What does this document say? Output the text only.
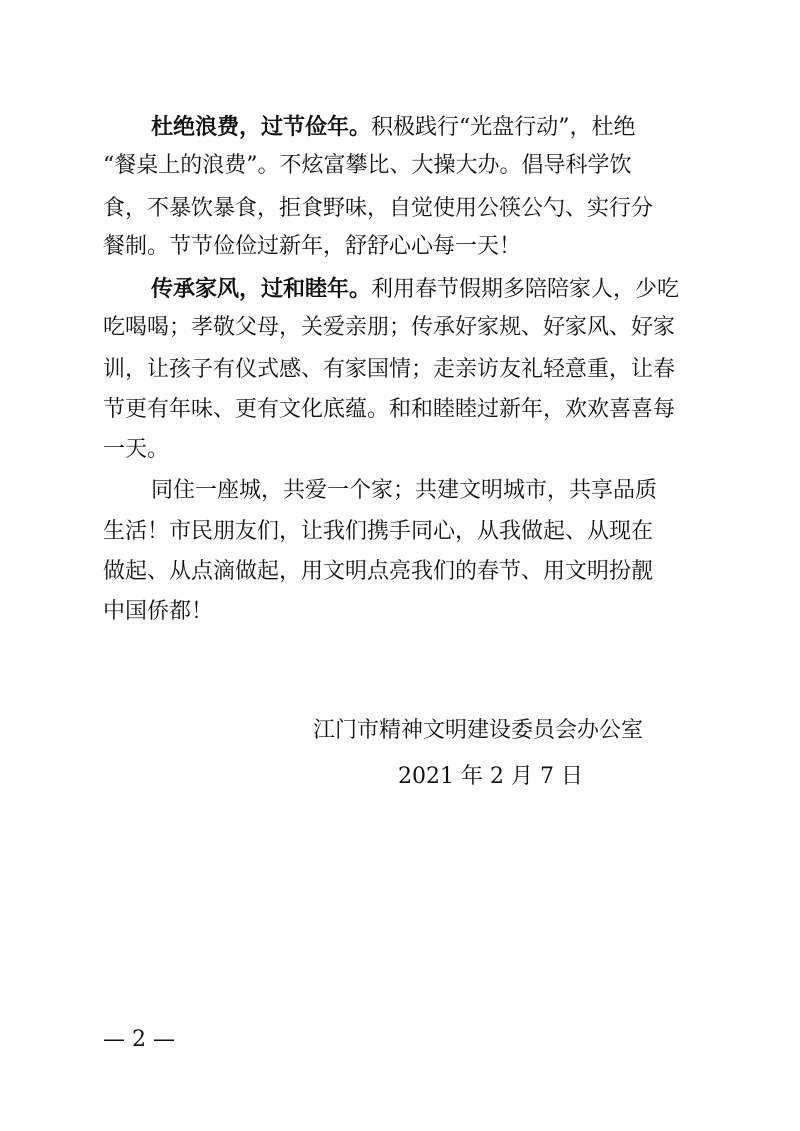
杜绝浪费，过节俭年。积极践行“光盘行动”，杜绝
“餐桌上的浪费”。不炫富攀比、大操大办。倡导科学饮
食，不暴饮暴食，拒食野味，自觉使用公筷公勺、实行分
餐制。节节俭俭过新年，舒舒心心每一天！
传承家风，过和睦年。利用春节假期多陪陪家人，少吃
吃喝喝；孝敬父母，关爱亲朋；传承好家规、好家风、好家
训，让孩子有仪式感、有家国情；走亲访友礼轻意重，让春
节更有年味、更有文化底蕴。和和睦睦过新年，欢欢喜喜每
一天。
同住一座城，共爱一个家；共建文明城市，共享品质
生活！市民朋友们，让我们携手同心，从我做起、从现在
做起、从点滴做起，用文明点亮我们的春节、用文明扮靓
中国侨都！
江门市精神文明建设委员会办公室
2021 年 2 月 7 日
— 2 —
